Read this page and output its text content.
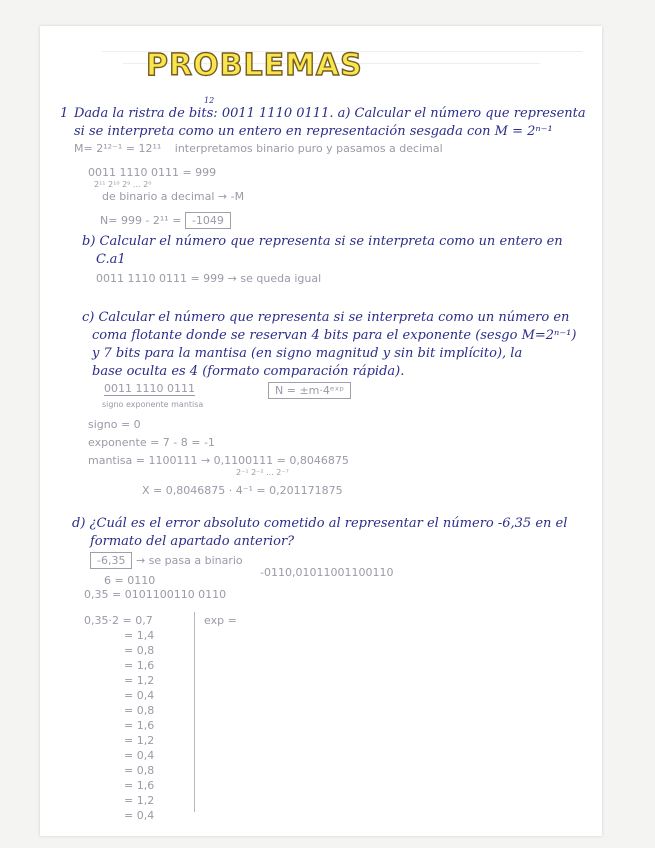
PROBLEMAS
12
1 Dada la ristra de bits: 0011 1110 0111. a) Calcular el número que representa
si se interpreta como un entero en representación sesgada con M = 2ⁿ⁻¹
M= 2¹²⁻¹ = 12¹¹ interpretamos binario puro y pasamos a decimal
0011 1110 0111 = 999
2¹¹ 2¹⁰ 2⁹ ... 2⁰
de binario a decimal → -M
N= 999 - 2¹¹ = -1049
b) Calcular el número que representa si se interpreta como un entero en
C.a1
0011 1110 0111 = 999 → se queda igual
c) Calcular el número que representa si se interpreta como un número en
coma flotante donde se reservan 4 bits para el exponente (sesgo M=2ⁿ⁻¹)
y 7 bits para la mantisa (en signo magnitud y sin bit implícito), la
base oculta es 4 (formato comparación rápida).
0011 1110 0111
signo exponente mantisa
N = ±m·4ᵉˣᵖ
signo = 0
exponente = 7 - 8 = -1
mantisa = 1100111 → 0,1100111 = 0,8046875
2⁻¹ 2⁻² ... 2⁻⁷
X = 0,8046875 · 4⁻¹ = 0,201171875
d) ¿Cuál es el error absoluto cometido al representar el número -6,35 en el
formato del apartado anterior?
-6,35 → se pasa a binario
6 = 0110
0,35 = 0101100110 0110
-0110,01011001100110
exp =
0,35·2 = 0,7
= 1,4
= 0,8
= 1,6
= 1,2
= 0,4
= 0,8
= 1,6
= 1,2
= 0,4
= 0,8
= 1,6
= 1,2
= 0,4
